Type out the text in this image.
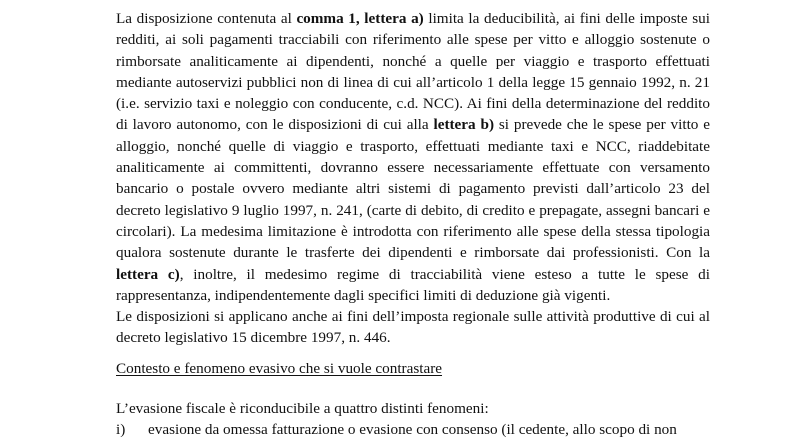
La disposizione contenuta al comma 1, lettera a) limita la deducibilità, ai fini delle imposte sui redditi, ai soli pagamenti tracciabili con riferimento alle spese per vitto e alloggio sostenute o rimborsate analiticamente ai dipendenti, nonché a quelle per viaggio e trasporto effettuati mediante autoservizi pubblici non di linea di cui all’articolo 1 della legge 15 gennaio 1992, n. 21 (i.e. servizio taxi e noleggio con conducente, c.d. NCC). Ai fini della determinazione del reddito di lavoro autonomo, con le disposizioni di cui alla lettera b) si prevede che le spese per vitto e alloggio, nonché quelle di viaggio e trasporto, effettuati mediante taxi e NCC, riaddebitate analiticamente ai committenti, dovranno essere necessariamente effettuate con versamento bancario o postale ovvero mediante altri sistemi di pagamento previsti dall’articolo 23 del decreto legislativo 9 luglio 1997, n. 241, (carte di debito, di credito e prepagate, assegni bancari e circolari). La medesima limitazione è introdotta con riferimento alle spese della stessa tipologia qualora sostenute durante le trasferte dei dipendenti e rimborsate dai professionisti. Con la lettera c), inoltre, il medesimo regime di tracciabilità viene esteso a tutte le spese di rappresentanza, indipendentemente dagli specifici limiti di deduzione già vigenti.

Le disposizioni si applicano anche ai fini dell’imposta regionale sulle attività produttive di cui al decreto legislativo 15 dicembre 1997, n. 446.

Contesto e fenomeno evasivo che si vuole contrastare

L’evasione fiscale è riconducibile a quattro distinti fenomeni:

i)	evasione da omessa fatturazione o evasione con consenso (il cedente, allo scopo di non
